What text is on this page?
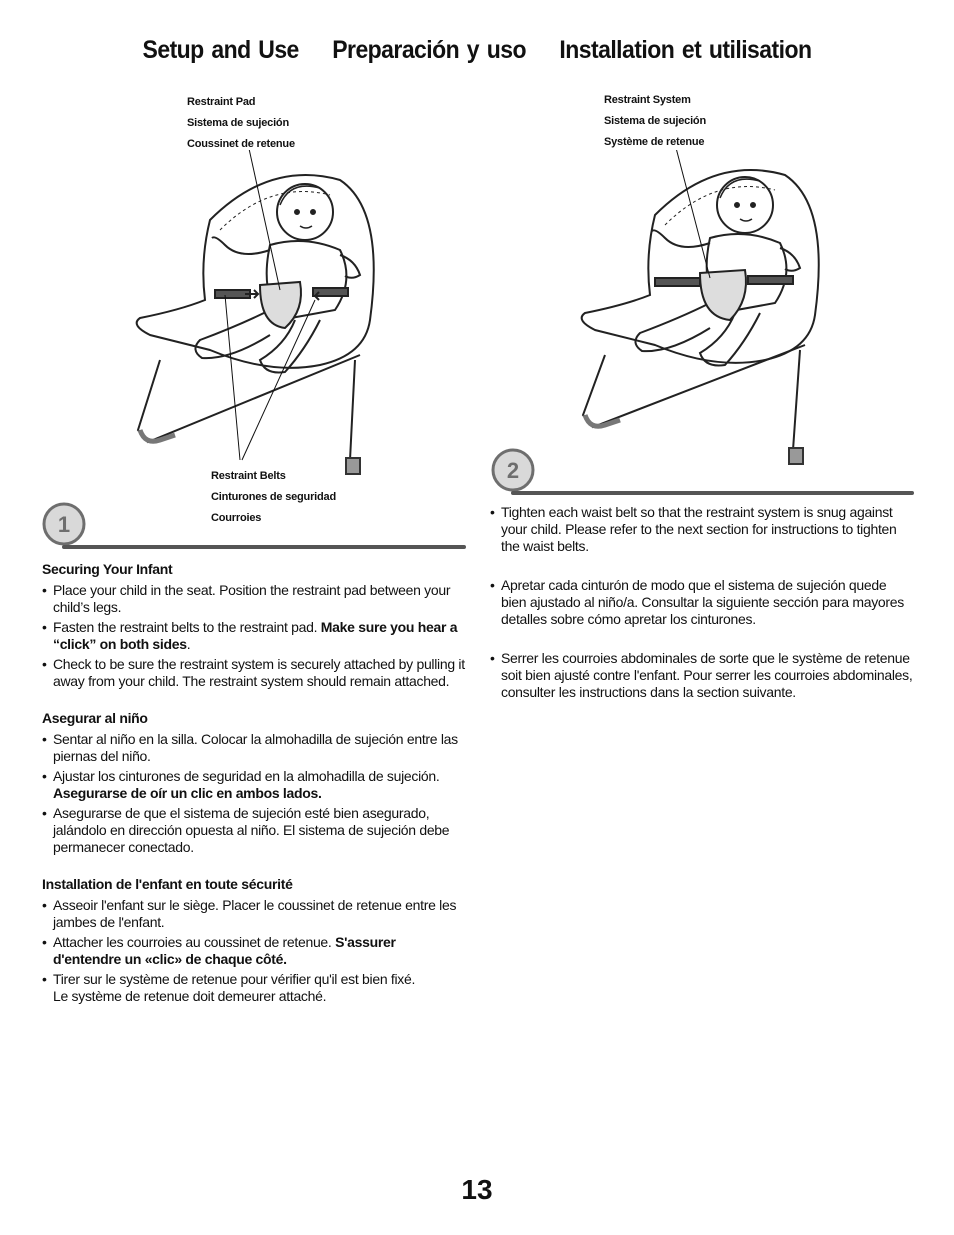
Setup and Use Preparación y uso Installation et utilisation
Restraint Pad
Sistema de sujeción
Coussinet de retenue
Restraint Belts
Cinturones de seguridad
Courroies
1
Restraint System
Sistema de sujeción
Système de retenue
2
Securing Your Infant
• Place your child in the seat. Position the restraint pad between your child’s legs.
• Fasten the restraint belts to the restraint pad. Make sure you hear a “click” on both sides.
• Check to be sure the restraint system is securely attached by pulling it away from your child. The restraint system should remain attached.
Asegurar al niño
• Sentar al niño en la silla. Colocar la almohadilla de sujeción entre las piernas del niño.
• Ajustar los cinturones de seguridad en la almohadilla de sujeción. Asegurarse de oír un clic en ambos lados.
• Asegurarse de que el sistema de sujeción esté bien asegurado, jalándolo en dirección opuesta al niño. El sistema de sujeción debe permanecer conectado.
Installation de l'enfant en toute sécurité
• Asseoir l'enfant sur le siège. Placer le coussinet de retenue entre les jambes de l'enfant.
• Attacher les courroies au coussinet de retenue. S'assurer d'entendre un «clic» de chaque côté.
• Tirer sur le système de retenue pour vérifier qu'il est bien fixé.
Le système de retenue doit demeurer attaché.
• Tighten each waist belt so that the restraint system is snug against your child. Please refer to the next section for instructions to tighten the waist belts.
• Apretar cada cinturón de modo que el sistema de sujeción quede bien ajustado al niño/a. Consultar la siguiente sección para mayores detalles sobre cómo apretar los cinturones.
• Serrer les courroies abdominales de sorte que le système de retenue soit bien ajusté contre l'enfant. Pour serrer les courroies abdominales, consulter les instructions dans la section suivante.
13
